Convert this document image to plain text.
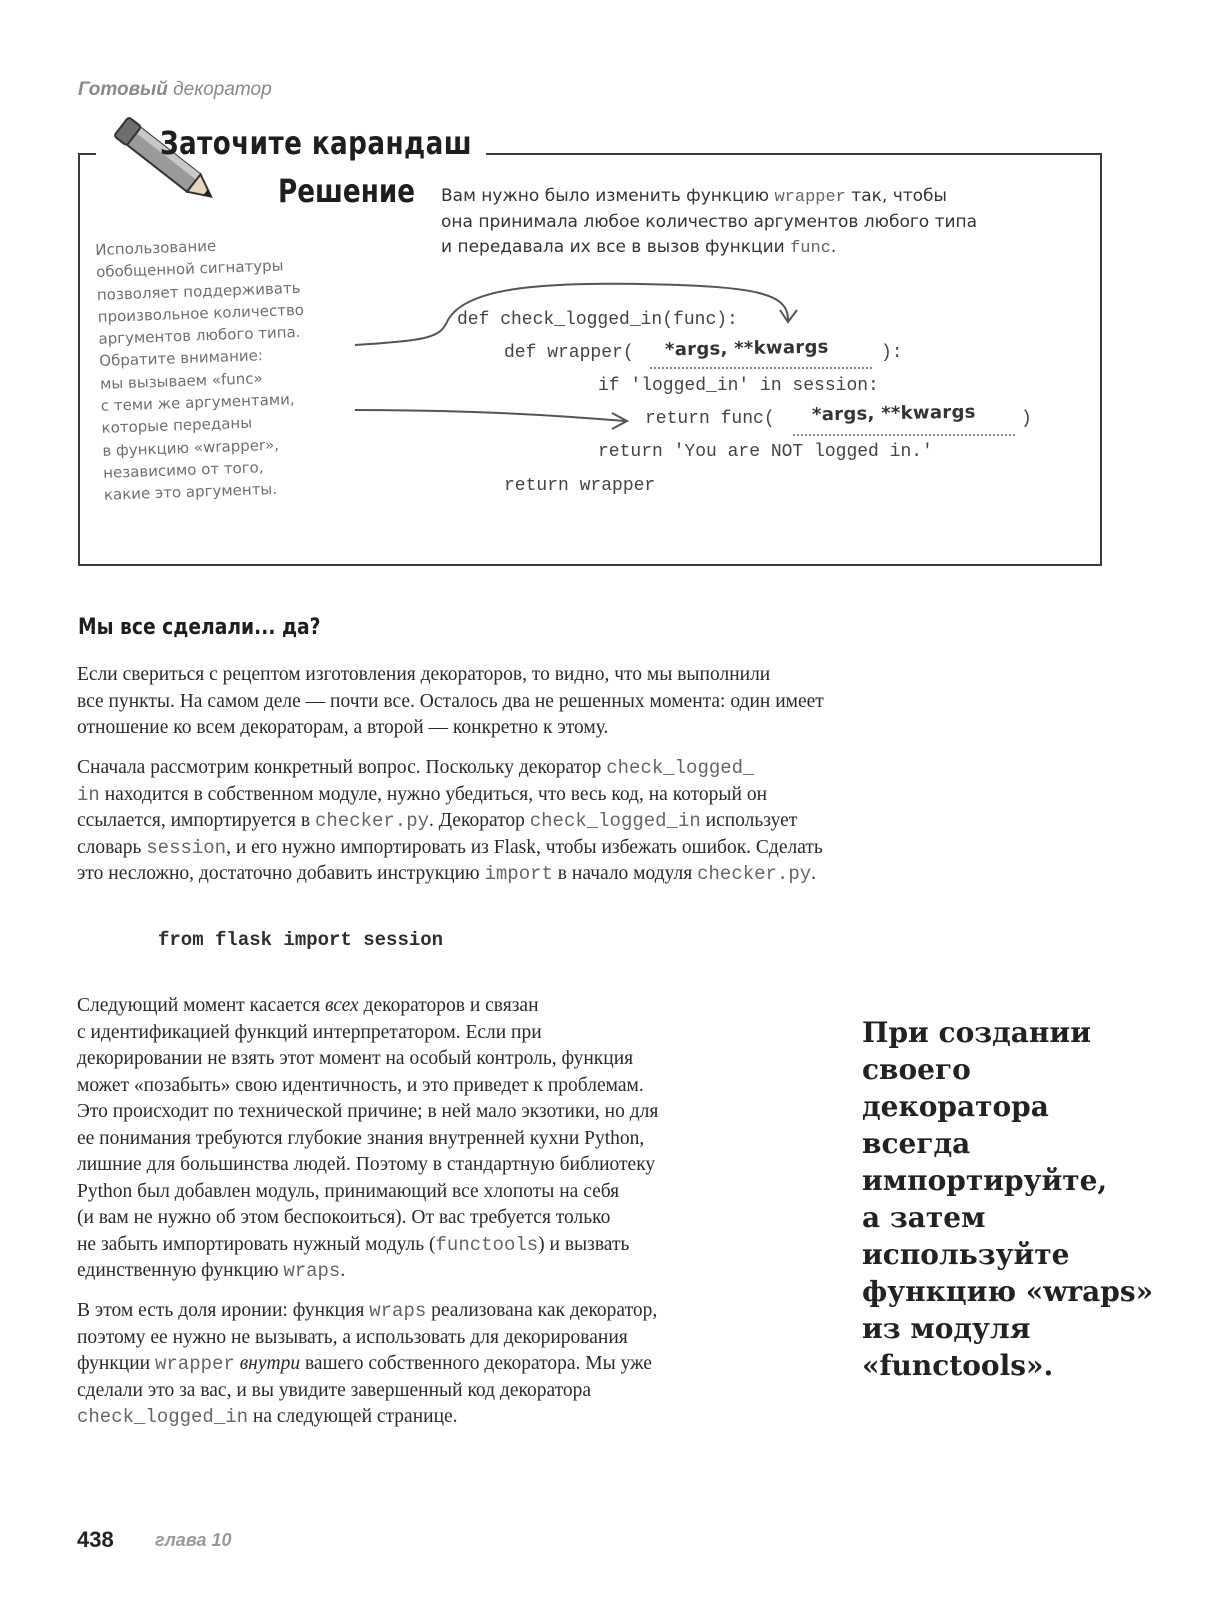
Готовый декоратор
Заточите карандаш
Решение Вам нужно было изменить функцию wrapper так, чтобы
она принимала любое количество аргументов любого типа
и передавала их все в вызов функции func.
Использование
обобщенной сигнатуры
позволяет поддерживать
произвольное количество
аргументов любого типа.
Обратите внимание:
мы вызываем «func»
с теми же аргументами,
которые переданы
в функцию «wrapper»,
независимо от того,
какие это аргументы.
def check_logged_in(func):
def wrapper( *args, **kwargs	):
if 'logged_in' in session:
return func( *args, **kwargs	)
return 'You are NOT logged in.'
return wrapper
Мы все сделали... да?
Если свериться с рецептом изготовления декораторов, то видно, что мы выполнили
все пункты. На самом деле — почти все. Осталось два не решенных момента: один имеет
отношение ко всем декораторам, а второй — конкретно к этому.
Сначала рассмотрим конкретный вопрос. Поскольку декоратор check_logged_
in находится в собственном модуле, нужно убедиться, что весь код, на который он
ссылается, импортируется в checker.py. Декоратор check_logged_in использует
словарь session, и его нужно импортировать из Flask, чтобы избежать ошибок. Сделать
это несложно, достаточно добавить инструкцию import в начало модуля checker.py.
from flask import session
Следующий момент касается всех декораторов и связан
с идентификацией функций интерпретатором. Если при
декорировании не взять этот момент на особый контроль, функция
может «позабыть» свою идентичность, и это приведет к проблемам.
Это происходит по технической причине; в ней мало экзотики, но для
ее понимания требуются глубокие знания внутренней кухни Python,
лишние для большинства людей. Поэтому в стандартную библиотеку
Python был добавлен модуль, принимающий все хлопоты на себя
(и вам не нужно об этом беспокоиться). От вас требуется только
не забыть импортировать нужный модуль (functools) и вызвать
единственную функцию wraps.
В этом есть доля иронии: функция wraps реализована как декоратор,
поэтому ее нужно не вызывать, а использовать для декорирования
функции wrapper внутри вашего собственного декоратора. Мы уже
сделали это за вас, и вы увидите завершенный код декоратора
check_logged_in на следующей странице.
При создании
своего
декоратора
всегда
импортируйте,
а затем
используйте
функцию «wraps»
из модуля
«functools».
438 глава 10
